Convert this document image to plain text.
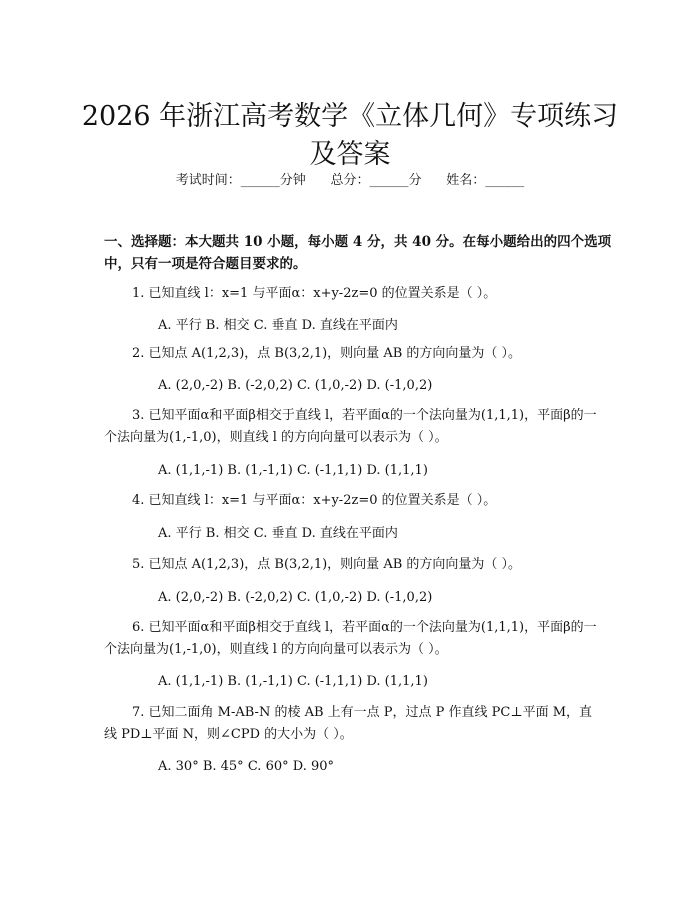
2026 年浙江高考数学《立体几何》专项练习
及答案
考试时间：______分钟      总分：______分      姓名：______
一、选择题：本大题共 10 小题，每小题 4 分，共 40 分。在每小题给出的四个选项中，只有一项是符合题目要求的。
1. 已知直线 l：x=1 与平面α：x+y-2z=0 的位置关系是（ ）。
A. 平行 B. 相交 C. 垂直 D. 直线在平面内
2. 已知点 A(1,2,3)，点 B(3,2,1)，则向量 AB 的方向向量为（ ）。
A. (2,0,-2) B. (-2,0,2) C. (1,0,-2) D. (-1,0,2)
3. 已知平面α和平面β相交于直线 l，若平面α的一个法向量为(1,1,1)，平面β的一个法向量为(1,-1,0)，则直线 l 的方向向量可以表示为（ ）。
A. (1,1,-1) B. (1,-1,1) C. (-1,1,1) D. (1,1,1)
4. 已知直线 l：x=1 与平面α：x+y-2z=0 的位置关系是（ ）。
A. 平行 B. 相交 C. 垂直 D. 直线在平面内
5. 已知点 A(1,2,3)，点 B(3,2,1)，则向量 AB 的方向向量为（ ）。
A. (2,0,-2) B. (-2,0,2) C. (1,0,-2) D. (-1,0,2)
6. 已知平面α和平面β相交于直线 l，若平面α的一个法向量为(1,1,1)，平面β的一个法向量为(1,-1,0)，则直线 l 的方向向量可以表示为（ ）。
A. (1,1,-1) B. (1,-1,1) C. (-1,1,1) D. (1,1,1)
7. 已知二面角 M-AB-N 的棱 AB 上有一点 P，过点 P 作直线 PC⊥平面 M，直线 PD⊥平面 N，则∠CPD 的大小为（ ）。
A. 30° B. 45° C. 60° D. 90°
